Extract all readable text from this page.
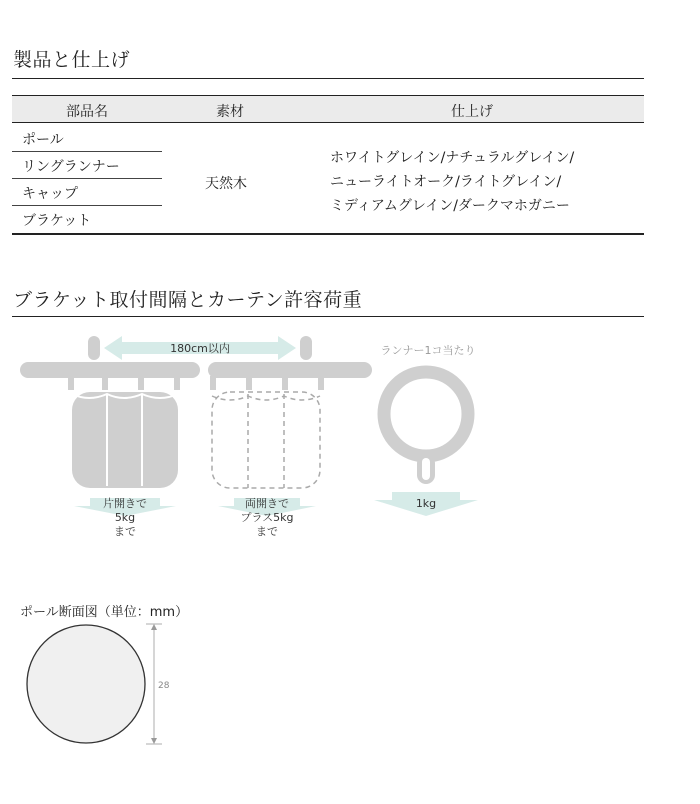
製品と仕上げ
部品名	素材	仕上げ
ポール
リングランナー
キャップ
ブラケット
天然木
ホワイトグレイン/ナチュラルグレイン/
ニューライトオーク/ライトグレイン/
ミディアムグレイン/ダークマホガニー
ブラケット取付間隔とカーテン許容荷重
180cm以内
片開きで
5kg
まで
両開きで
プラス5kg
まで
ランナー1コ当たり
1kg
ポール断面図（単位：mm）
28
